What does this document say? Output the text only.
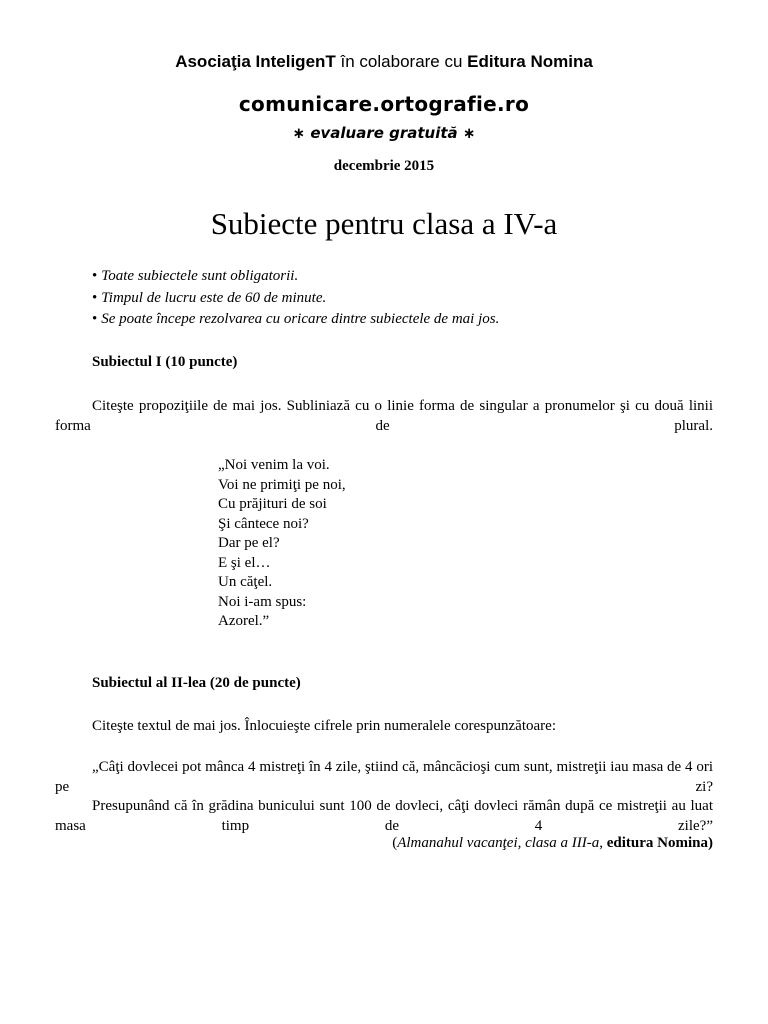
Asociaţia InteligenT în colaborare cu Editura Nomina
comunicare.ortografie.ro
∗ evaluare gratuită ∗
decembrie 2015
Subiecte pentru clasa a IV-a
• Toate subiectele sunt obligatorii.
• Timpul de lucru este de 60 de minute.
• Se poate începe rezolvarea cu oricare dintre subiectele de mai jos.
Subiectul I (10 puncte)
Citeşte propoziţiile de mai jos. Subliniază cu o linie forma de singular a pronumelor şi cu două linii forma de plural.
„Noi venim la voi.
Voi ne primiţi pe noi,
Cu prăjituri de soi
Şi cântece noi?
Dar pe el?
E şi el…
Un căţel.
Noi i-am spus:
Azorel.”
Subiectul al II-lea (20 de puncte)
Citeşte textul de mai jos. Înlocuieşte cifrele prin numeralele corespunzătoare:
„Câţi dovlecei pot mânca 4 mistreţi în 4 zile, ştiind că, mâncăcioşi cum sunt, mistreţii iau masa de 4 ori pe zi?
Presupunând că în grădina bunicului sunt 100 de dovleci, câţi dovleci rămân după ce mistreţii au luat masa timp de 4 zile?”
(Almanahul vacanţei, clasa a III-a, editura Nomina)
